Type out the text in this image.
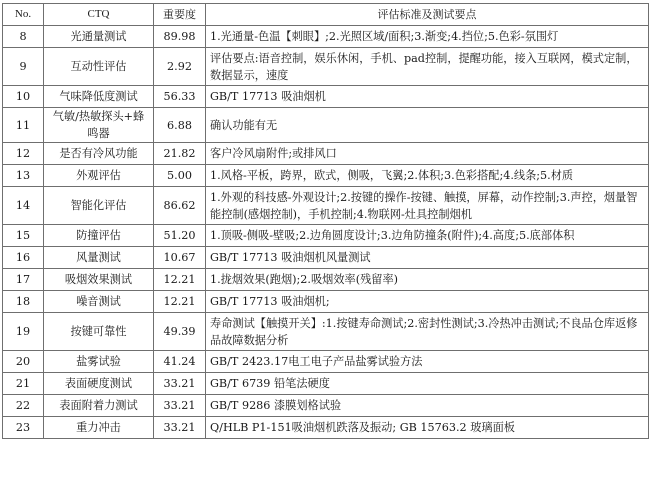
No.	CTQ	重要度	评估标准及测试要点
8	光通量测试	89.98	1.光通量-色温【刺眼】;2.光照区域/面积;3.渐变;4.挡位;5.色彩-氛围灯
9	互动性评估	2.92	评估要点:语音控制，娱乐休闲，手机、pad控制，提醒功能，接入互联网，模式定制，数据显示，速度
10	气味降低度测试	56.33	GB/T 17713 吸油烟机
11	气敏/热敏探头+蜂鸣器	6.88	确认功能有无
12	是否有冷风功能	21.82	客户冷风扇附件;或排风口
13	外观评估	5.00	1.风格-平板，跨界，欧式，侧吸，飞翼;2.体积;3.色彩搭配;4.线条;5.材质
14	智能化评估	86.62	1.外观的科技感-外观设计;2.按键的操作-按键、触摸，屏幕，动作控制;3.声控，烟量智能控制(感烟控制)，手机控制;4.物联网-灶具控制烟机
15	防撞评估	51.20	1.顶吸-侧吸-壁吸;2.边角圆度设计;3.边角防撞条(附件);4.高度;5.底部体积
16	风量测试	10.67	GB/T 17713 吸油烟机风量测试
17	吸烟效果测试	12.21	1.拢烟效果(跑烟);2.吸烟效率(残留率)
18	噪音测试	12.21	GB/T 17713 吸油烟机;
19	按键可靠性	49.39	寿命测试【触摸开关】:1.按键寿命测试;2.密封性测试;3.冷热冲击测试;不良品仓库返修品故障数据分析
20	盐雾试验	41.24	GB/T 2423.17电工电子产品盐雾试验方法
21	表面硬度测试	33.21	GB/T 6739 铅笔法硬度
22	表面附着力测试	33.21	GB/T 9286 漆膜划格试验
23	重力冲击	33.21	Q/HLB P1-151吸油烟机跌落及振动; GB 15763.2 玻璃面板
